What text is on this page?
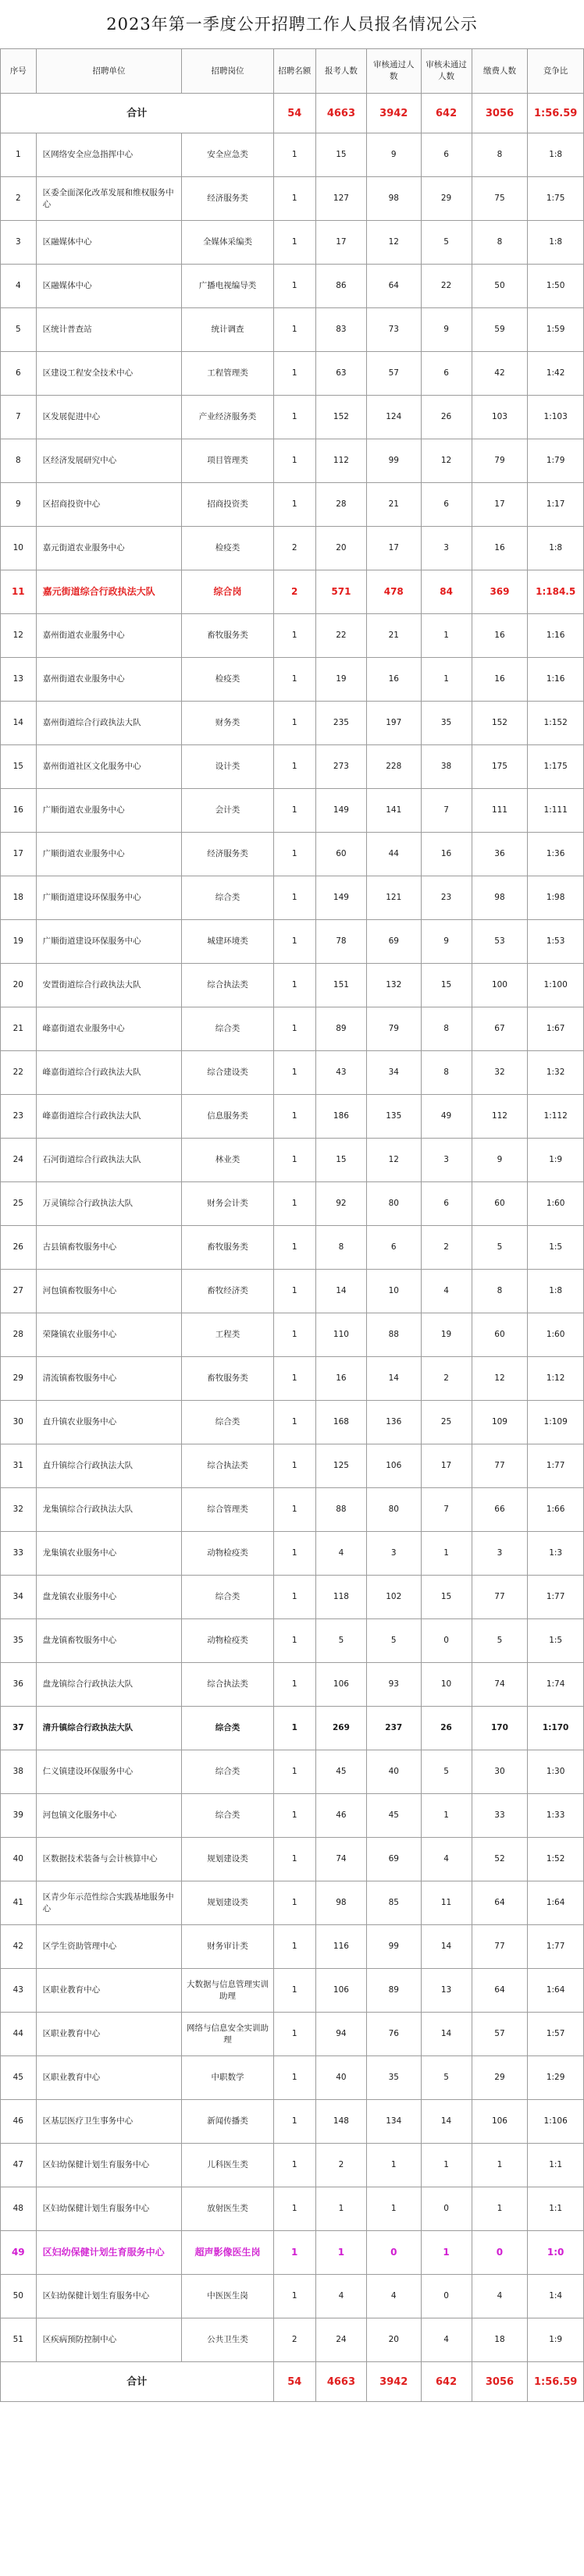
2023年第一季度公开招聘工作人员报名情况公示
序号	招聘单位	招聘岗位	招聘名额	报考人数	审核通过人数	审核未通过人数	缴费人数	竞争比
合计			54	4663	3942	642	3056	1:56.59
1	区网络安全应急指挥中心	安全应急类	1	15	9	6	8	1:8
2	区委全面深化改革发展和维权服务中心	经济服务类	1	127	98	29	75	1:75
3	区融媒体中心	全媒体采编类	1	17	12	5	8	1:8
4	区融媒体中心	广播电视编导类	1	86	64	22	50	1:50
5	区统计普查站	统计调查	1	83	73	9	59	1:59
6	区建设工程安全技术中心	工程管理类	1	63	57	6	42	1:42
7	区发展促进中心	产业经济服务类	1	152	124	26	103	1:103
8	区经济发展研究中心	项目管理类	1	112	99	12	79	1:79
9	区招商投资中心	招商投资类	1	28	21	6	17	1:17
10	嘉元街道农业服务中心	检疫类	2	20	17	3	16	1:8
11	嘉元街道综合行政执法大队	综合岗	2	571	478	84	369	1:184.5
12	嘉州街道农业服务中心	畜牧服务类	1	22	21	1	16	1:16
13	嘉州街道农业服务中心	检疫类	1	19	16	1	16	1:16
14	嘉州街道综合行政执法大队	财务类	1	235	197	35	152	1:152
15	嘉州街道社区文化服务中心	设计类	1	273	228	38	175	1:175
16	广顺街道农业服务中心	会计类	1	149	141	7	111	1:111
17	广顺街道农业服务中心	经济服务类	1	60	44	16	36	1:36
18	广顺街道建设环保服务中心	综合类	1	149	121	23	98	1:98
19	广顺街道建设环保服务中心	城建环境类	1	78	69	9	53	1:53
20	安置街道综合行政执法大队	综合执法类	1	151	132	15	100	1:100
21	峰嘉街道农业服务中心	综合类	1	89	79	8	67	1:67
22	峰嘉街道综合行政执法大队	综合建设类	1	43	34	8	32	1:32
23	峰嘉街道综合行政执法大队	信息服务类	1	186	135	49	112	1:112
24	石河街道综合行政执法大队	林业类	1	15	12	3	9	1:9
25	万灵镇综合行政执法大队	财务会计类	1	92	80	6	60	1:60
26	古县镇畜牧服务中心	畜牧服务类	1	8	6	2	5	1:5
27	河包镇畜牧服务中心	畜牧经济类	1	14	10	4	8	1:8
28	荣隆镇农业服务中心	工程类	1	110	88	19	60	1:60
29	清流镇畜牧服务中心	畜牧服务类	1	16	14	2	12	1:12
30	直升镇农业服务中心	综合类	1	168	136	25	109	1:109
31	直升镇综合行政执法大队	综合执法类	1	125	106	17	77	1:77
32	龙集镇综合行政执法大队	综合管理类	1	88	80	7	66	1:66
33	龙集镇农业服务中心	动物检疫类	1	4	3	1	3	1:3
34	盘龙镇农业服务中心	综合类	1	118	102	15	77	1:77
35	盘龙镇畜牧服务中心	动物检疫类	1	5	5	0	5	1:5
36	盘龙镇综合行政执法大队	综合执法类	1	106	93	10	74	1:74
37	清升镇综合行政执法大队	综合类	1	269	237	26	170	1:170
38	仁义镇建设环保服务中心	综合类	1	45	40	5	30	1:30
39	河包镇文化服务中心	综合类	1	46	45	1	33	1:33
40	区数据技术装备与会计核算中心	规划建设类	1	74	69	4	52	1:52
41	区青少年示范性综合实践基地服务中心	规划建设类	1	98	85	11	64	1:64
42	区学生资助管理中心	财务审计类	1	116	99	14	77	1:77
43	区职业教育中心	大数据与信息管理实训助理	1	106	89	13	64	1:64
44	区职业教育中心	网络与信息安全实训助理	1	94	76	14	57	1:57
45	区职业教育中心	中职数学	1	40	35	5	29	1:29
46	区基层医疗卫生事务中心	新闻传播类	1	148	134	14	106	1:106
47	区妇幼保健计划生育服务中心	儿科医生类	1	2	1	1	1	1:1
48	区妇幼保健计划生育服务中心	放射医生类	1	1	1	0	1	1:1
49	区妇幼保健计划生育服务中心	超声影像医生岗	1	1	0	1	0	1:0
50	区妇幼保健计划生育服务中心	中医医生岗	1	4	4	0	4	1:4
51	区疾病预防控制中心	公共卫生类	2	24	20	4	18	1:9
合计			54	4663	3942	642	3056	1:56.59
